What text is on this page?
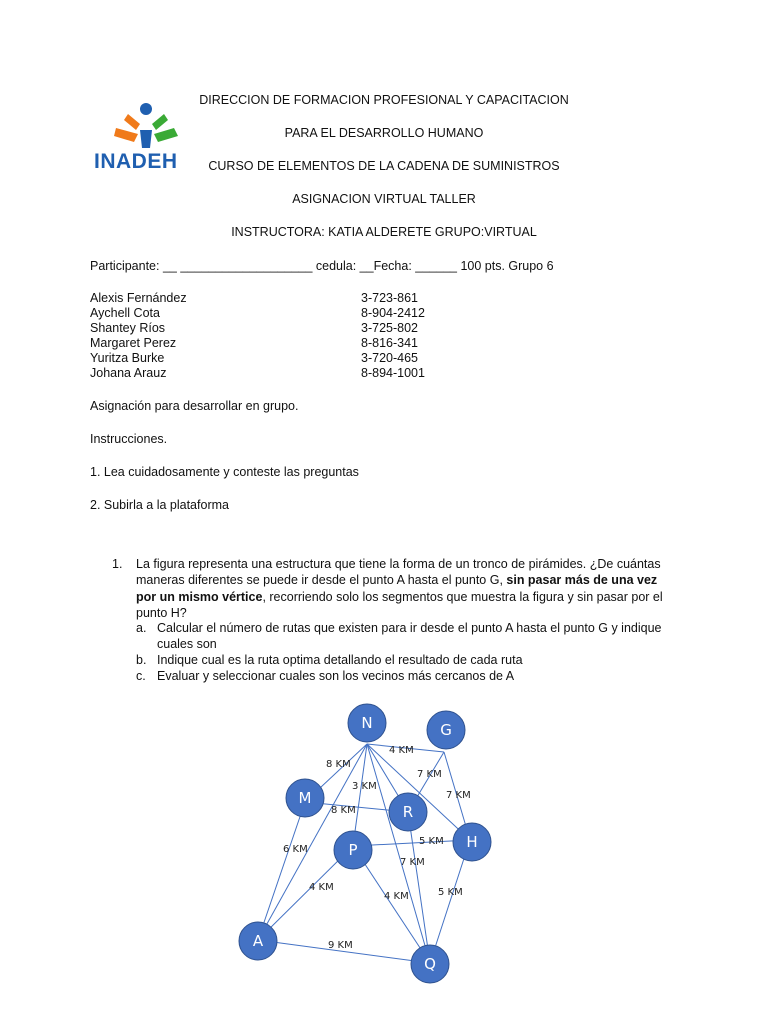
DIRECCION DE FORMACION PROFESIONAL Y CAPACITACION
PARA EL DESARROLLO HUMANO
CURSO DE ELEMENTOS DE LA CADENA DE SUMINISTROS
ASIGNACION VIRTUAL TALLER
INSTRUCTORA: KATIA ALDERETE GRUPO:VIRTUAL
INADEH
Participante: __ ___________________ cedula: __Fecha: ______ 100 pts. Grupo 6
Alexis Fernández	3-723-861
Aychell Cota	8-904-2412
Shantey Ríos	3-725-802
Margaret Perez	8-816-341
Yuritza Burke	3-720-465
Johana Arauz	8-894-1001
Asignación para desarrollar en grupo.
Instrucciones.
1. Lea cuidadosamente y conteste las preguntas
2. Subirla a la plataforma
1. La figura representa una estructura que tiene la forma de un tronco de pirámides. ¿De cuántas maneras diferentes se puede ir desde el punto A hasta el punto G, sin pasar más de una vez por un mismo vértice, recorriendo solo los segmentos que muestra la figura y sin pasar por el punto H?
a. Calcular el número de rutas que existen para ir desde el punto A hasta el punto G y indique cuales son
b. Indique cual es la ruta optima detallando el resultado de cada ruta
c. Evaluar y seleccionar cuales son los vecinos más cercanos de A
8 KM
4 KM
3 KM
7 KM
7 KM
8 KM
6 KM
5 KM
7 KM
4 KM
4 KM	5 KM
9 KM
N	G
M
R
H
P
A
Q
